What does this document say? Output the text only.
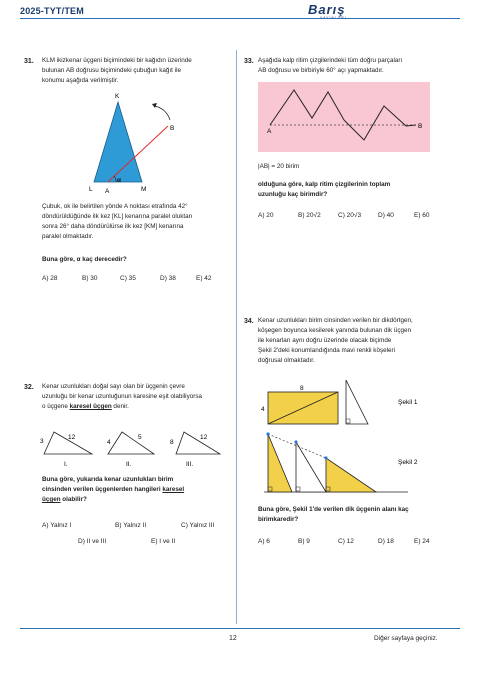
2025-TYT/TEM	Barış
31. KLM ikizkenar üçgeni biçimindeki bir kağıdın üzerinde
bulunan AB doğrusu biçimindeki çubuğun kağıt ile
konumu aşağıda verilmiştir.
K
L	M
A
B
α
Çubuk, ok ile belirtilen yönde A noktası etrafında 42°
döndürüldüğünde ilk kez [KL] kenarına paralel oluktan
sonra 26° daha döndürülürse ilk kez [KM] kenarına
paralel olmaktadır.
Buna göre, α kaç derecedir?
A) 28	B) 30	C) 35	D) 38	E) 42
32. Kenar uzunlukları doğal sayı olan bir üçgenin çevre
uzunluğu bir kenar uzunluğunun karesine eşit olabiliyorsa
o üçgene karesel üçgen denir.
3
12
I.
4
5
II.
8
12
III.
Buna göre, yukarıda kenar uzunlukları birim
cinsinden verilen üçgenlerden hangileri karesel
üçgen olabilir?
A) Yalnız I	B) Yalnız II	C) Yalnız III
D) II ve III	E) I ve II
33. Aşağıda kalp ritim çizgilerindeki tüm doğru parçaları
AB doğrusu ve birbiriyle 60° açı yapmaktadır.
A
B
|AB| = 20 birim
olduğuna göre, kalp ritim çizgilerinin toplam
uzunluğu kaç birimdir?
A) 20	B) 20√2	C) 20√3	D) 40	E) 60
34. Kenar uzunlukları birim cinsinden verilen bir dikdörtgen,
köşegen boyunca kesilerek yanında bulunan dik üçgen
ile kenarları aynı doğru üzerinde olacak biçimde
Şekil 2'deki konumlandığında mavi renkli köşeleri
doğrusal olmaktadır.
8
4
Şekil 1
Şekil 2
Buna göre, Şekil 1'de verilen dik üçgenin alanı kaç
birimkaredir?
A) 6	B) 9	C) 12	D) 18	E) 24
12	Diğer sayfaya geçiniz.
